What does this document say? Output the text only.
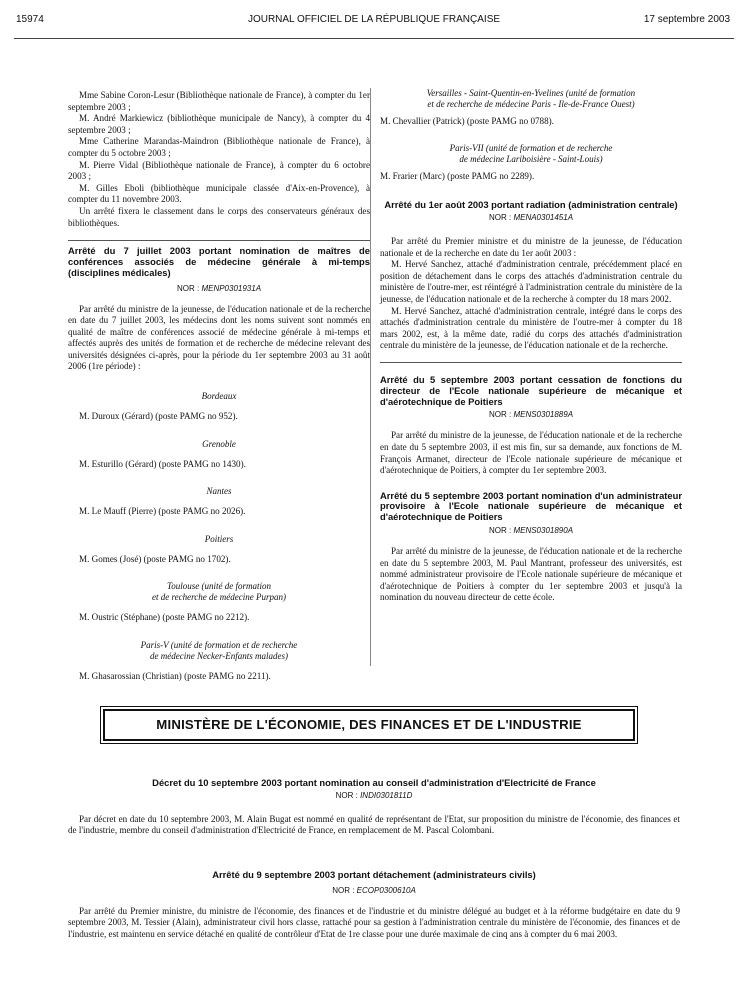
15974	JOURNAL OFFICIEL DE LA RÉPUBLIQUE FRANÇAISE	17 septembre 2003

Mme Sabine Coron-Lesur (Bibliothèque nationale de France), à compter du 1er septembre 2003 ;

M. André Markiewicz (bibliothèque municipale de Nancy), à compter du 4 septembre 2003 ;

Mme Catherine Marandas-Maindron (Bibliothèque nationale de France), à compter du 5 octobre 2003 ;

M. Pierre Vidal (Bibliothèque nationale de France), à compter du 6 octobre 2003 ;

M. Gilles Eboli (bibliothèque municipale classée d'Aix-en-Provence), à compter du 11 novembre 2003.

Un arrêté fixera le classement dans le corps des conservateurs généraux des bibliothèques.

Arrêté du 7 juillet 2003 portant nomination de maîtres de conférences associés de médecine générale à mi-temps (disciplines médicales)

NOR : MENP0301931A

Par arrêté du ministre de la jeunesse, de l'éducation nationale et de la recherche en date du 7 juillet 2003, les médecins dont les noms suivent sont nommés en qualité de maître de conférences associé de médecine générale à mi-temps et affectés auprès des unités de formation et de recherche de médecine relevant des universités désignées ci-après, pour la période du 1er septembre 2003 au 31 août 2006 (1re période) :

Bordeaux

M. Duroux (Gérard) (poste PAMG no 952).

Grenoble

M. Esturillo (Gérard) (poste PAMG no 1430).

Nantes

M. Le Mauff (Pierre) (poste PAMG no 2026).

Poitiers

M. Gomes (José) (poste PAMG no 1702).

Toulouse (unité de formation

et de recherche de médecine Purpan)

M. Oustric (Stéphane) (poste PAMG no 2212).

Paris-V (unité de formation et de recherche

de médecine Necker-Enfants malades)

M. Ghasarossian (Christian) (poste PAMG no 2211).

Versailles - Saint-Quentin-en-Yvelines (unité de formation

et de recherche de médecine Paris - Ile-de-France Ouest)

M. Chevallier (Patrick) (poste PAMG no 0788).

Paris-VII (unité de formation et de recherche

de médecine Lariboisière - Saint-Louis)

M. Frarier (Marc) (poste PAMG no 2289).

Arrêté du 1er août 2003 portant radiation (administration centrale)

NOR : MENA0301451A

Par arrêté du Premier ministre et du ministre de la jeunesse, de l'éducation nationale et de la recherche en date du 1er août 2003 :

M. Hervé Sanchez, attaché d'administration centrale, précédemment placé en position de détachement dans le corps des attachés d'administration centrale du ministère de l'outre-mer, est réintégré à l'administration centrale du ministère de la jeunesse, de l'éducation nationale et de la recherche à compter du 18 mars 2002.

M. Hervé Sanchez, attaché d'administration centrale, intégré dans le corps des attachés d'administration centrale du ministère de l'outre-mer à compter du 18 mars 2002, est, à la même date, radié du corps des attachés d'administration centrale du ministère de la jeunesse, de l'éducation nationale et de la recherche.

Arrêté du 5 septembre 2003 portant cessation de fonctions du directeur de l'Ecole nationale supérieure de mécanique et d'aérotechnique de Poitiers

NOR : MENS0301889A

Par arrêté du ministre de la jeunesse, de l'éducation nationale et de la recherche en date du 5 septembre 2003, il est mis fin, sur sa demande, aux fonctions de M. François Armanet, directeur de l'Ecole nationale supérieure de mécanique et d'aérotechnique de Poitiers, à compter du 1er septembre 2003.

Arrêté du 5 septembre 2003 portant nomination d'un administrateur provisoire à l'Ecole nationale supérieure de mécanique et d'aérotechnique de Poitiers

NOR : MENS0301890A

Par arrêté du ministre de la jeunesse, de l'éducation nationale et de la recherche en date du 5 septembre 2003, M. Paul Mantrant, professeur des universités, est nommé administrateur provisoire de l'Ecole nationale supérieure de mécanique et d'aérotechnique de Poitiers à compter du 1er septembre 2003 et jusqu'à la nomination du nouveau directeur de cette école.

MINISTÈRE DE L'ÉCONOMIE, DES FINANCES ET DE L'INDUSTRIE

Décret du 10 septembre 2003 portant nomination au conseil d'administration d'Electricité de France

NOR : INDI0301811D

Par décret en date du 10 septembre 2003, M. Alain Bugat est nommé en qualité de représentant de l'Etat, sur proposition du ministre de l'économie, des finances et de l'industrie, membre du conseil d'administration d'Electricité de France, en remplacement de M. Pascal Colombani.

Arrêté du 9 septembre 2003 portant détachement (administrateurs civils)

NOR : ECOP0300610A

Par arrêté du Premier ministre, du ministre de l'économie, des finances et de l'industrie et du ministre délégué au budget et à la réforme budgétaire en date du 9 septembre 2003, M. Tessier (Alain), administrateur civil hors classe, rattaché pour sa gestion à l'administration centrale du ministère de l'économie, des finances et de l'industrie, est maintenu en service détaché en qualité de contrôleur d'Etat de 1re classe pour une durée maximale de cinq ans à compter du 6 mai 2003.
